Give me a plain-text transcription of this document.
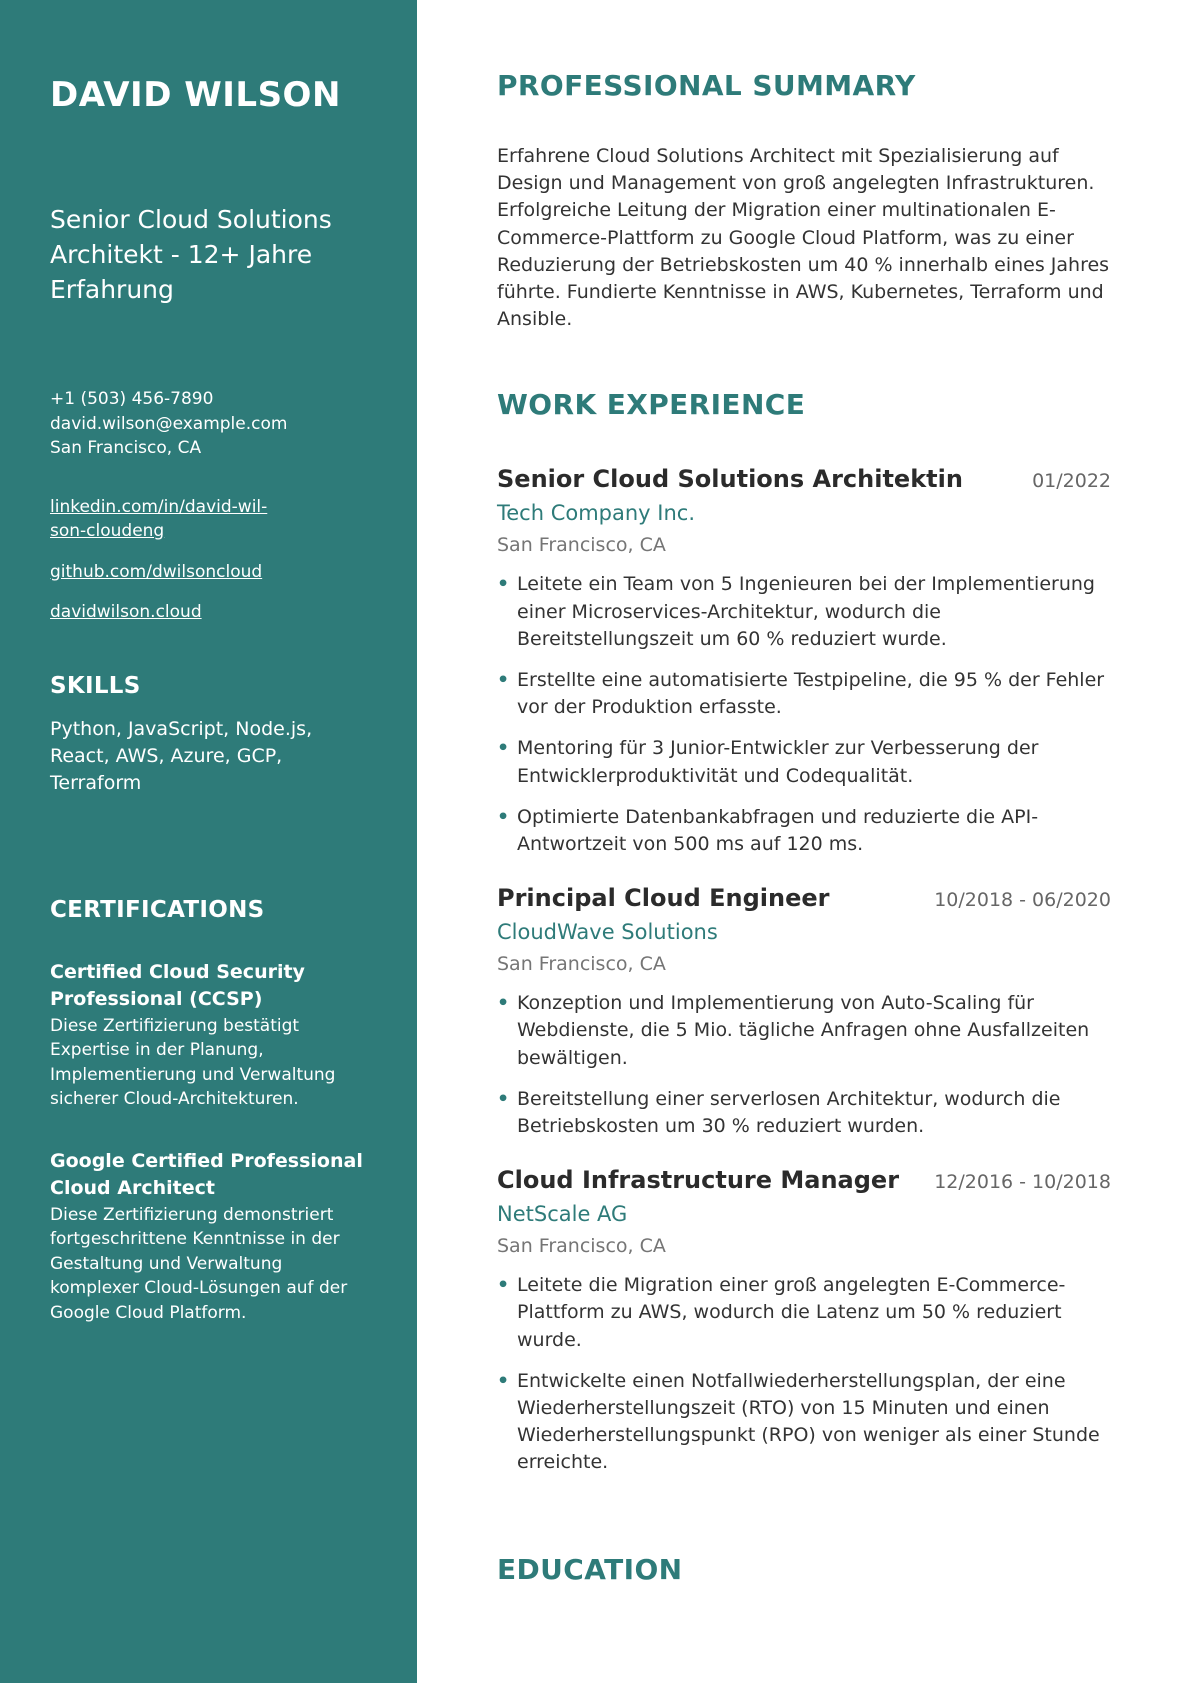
DAVID WILSON
Senior Cloud Solutions Architekt - 12+ Jahre Erfahrung
+1 (503) 456-7890
david.wilson@example.com
San Francisco, CA
linkedin.com/in/david-wil-son-cloudeng
github.com/dwilsoncloud
davidwilson.cloud
SKILLS
Python, JavaScript, Node.js, React, AWS, Azure, GCP, Terraform
CERTIFICATIONS
Certified Cloud Security Professional (CCSP)
Diese Zertifizierung bestätigt Expertise in der Planung, Implementierung und Verwaltung sicherer Cloud-Architekturen.
Google Certified Professional Cloud Architect
Diese Zertifizierung demonstriert fortgeschrittene Kenntnisse in der Gestaltung und Verwaltung komplexer Cloud-Lösungen auf der Google Cloud Platform.
PROFESSIONAL SUMMARY

Erfahrene Cloud Solutions Architect mit Spezialisierung auf Design und Management von groß angelegten Infrastrukturen. Erfolgreiche Leitung der Migration einer multinationalen E-Commerce-Plattform zu Google Cloud Platform, was zu einer Reduzierung der Betriebskosten um 40 % innerhalb eines Jahres führte. Fundierte Kenntnisse in AWS, Kubernetes, Terraform und Ansible.

WORK EXPERIENCE
Senior Cloud Solutions Architektin	01/2022
Tech Company Inc.
San Francisco, CA
• Leitete ein Team von 5 Ingenieuren bei der Implementierung einer Microservices-Architektur, wodurch die Bereitstellungszeit um 60 % reduziert wurde.
• Erstellte eine automatisierte Testpipeline, die 95 % der Fehler vor der Produktion erfasste.
• Mentoring für 3 Junior-Entwickler zur Verbesserung der Entwicklerproduktivität und Codequalität.
• Optimierte Datenbankabfragen und reduzierte die API-Antwortzeit von 500 ms auf 120 ms.
Principal Cloud Engineer	10/2018 - 06/2020
CloudWave Solutions
San Francisco, CA
• Konzeption und Implementierung von Auto-Scaling für Webdienste, die 5 Mio. tägliche Anfragen ohne Ausfallzeiten bewältigen.
• Bereitstellung einer serverlosen Architektur, wodurch die Betriebskosten um 30 % reduziert wurden.
Cloud Infrastructure Manager 12/2016 - 10/2018
NetScale AG
San Francisco, CA
• Leitete die Migration einer groß angelegten E-Commerce-Plattform zu AWS, wodurch die Latenz um 50 % reduziert wurde.
• Entwickelte einen Notfallwiederherstellungsplan, der eine Wiederherstellungszeit (RTO) von 15 Minuten und einen Wiederherstellungspunkt (RPO) von weniger als einer Stunde erreichte.
EDUCATION
